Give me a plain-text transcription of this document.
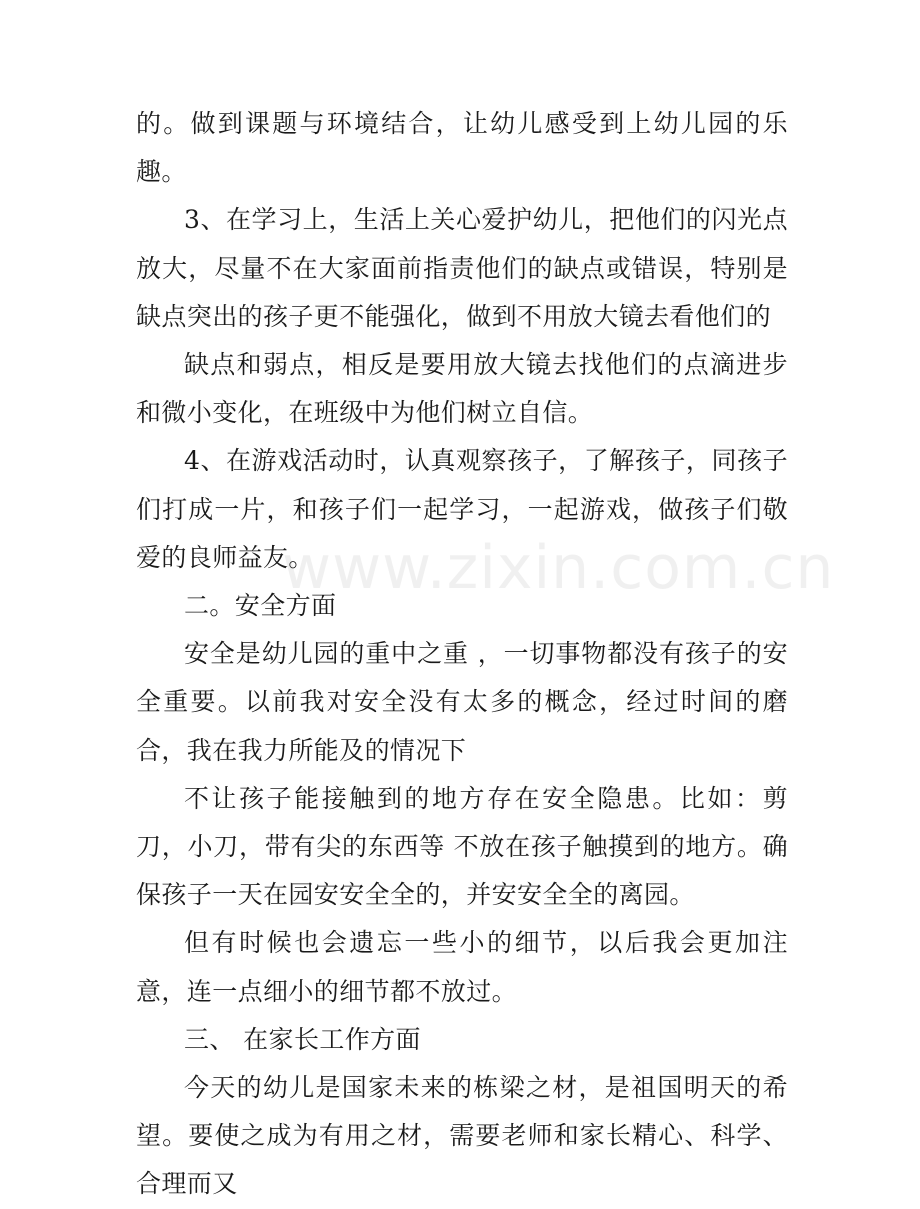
的。做到课题与环境结合，让幼儿感受到上幼儿园的乐趣。

3、在学习上，生活上关心爱护幼儿，把他们的闪光点放大，尽量不在大家面前指责他们的缺点或错误，特别是缺点突出的孩子更不能强化，做到不用放大镜去看他们的

缺点和弱点，相反是要用放大镜去找他们的点滴进步和微小变化，在班级中为他们树立自信。

4、在游戏活动时，认真观察孩子，了解孩子，同孩子们打成一片，和孩子们一起学习，一起游戏，做孩子们敬爱的良师益友。

二。安全方面

安全是幼儿园的重中之重 ，一切事物都没有孩子的安全重要。以前我对安全没有太多的概念，经过时间的磨合，我在我力所能及的情况下

不让孩子能接触到的地方存在安全隐患。比如：剪刀，小刀，带有尖的东西等 不放在孩子触摸到的地方。确保孩子一天在园安安全全的，并安安全全的离园。

但有时候也会遗忘一些小的细节，以后我会更加注意，连一点细小的细节都不放过。

三、 在家长工作方面

今天的幼儿是国家未来的栋梁之材，是祖国明天的希望。要使之成为有用之材，需要老师和家长精心、科学、合理而又

www.zixin.com.cn
